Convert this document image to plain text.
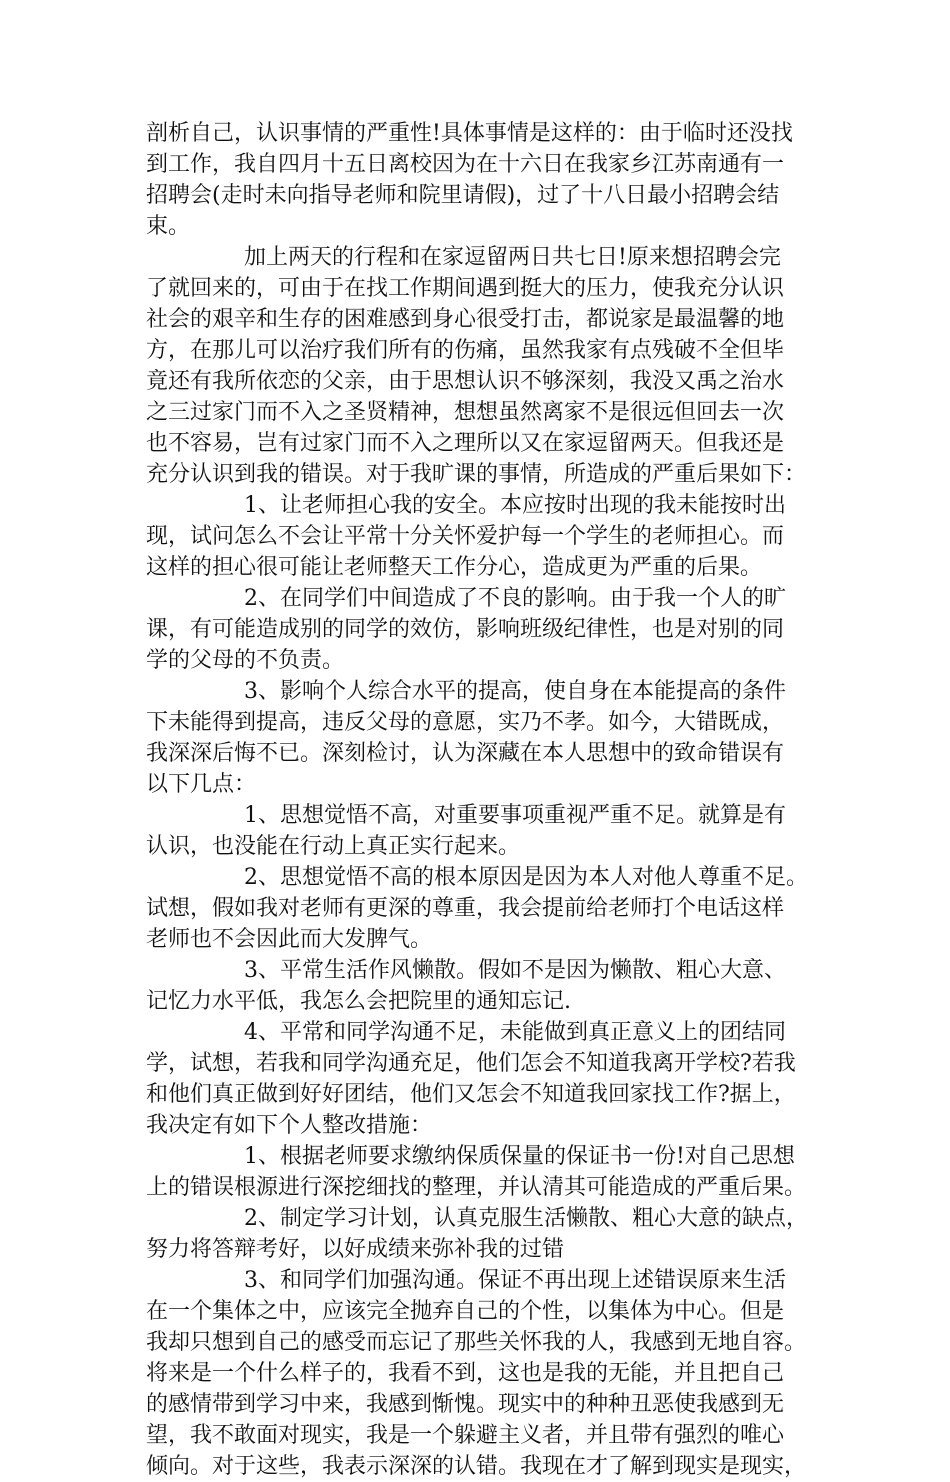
剖析自己，认识事情的严重性!具体事情是这样的：由于临时还没找
到工作，我自四月十五日离校因为在十六日在我家乡江苏南通有一
招聘会(走时未向指导老师和院里请假)，过了十八日最小招聘会结
束。
加上两天的行程和在家逗留两日共七日!原来想招聘会完
了就回来的，可由于在找工作期间遇到挺大的压力，使我充分认识
社会的艰辛和生存的困难感到身心很受打击，都说家是最温馨的地
方，在那儿可以治疗我们所有的伤痛，虽然我家有点残破不全但毕
竟还有我所依恋的父亲，由于思想认识不够深刻，我没又禹之治水
之三过家门而不入之圣贤精神，想想虽然离家不是很远但回去一次
也不容易，岂有过家门而不入之理所以又在家逗留两天。但我还是
充分认识到我的错误。对于我旷课的事情，所造成的严重后果如下：
1、让老师担心我的安全。本应按时出现的我未能按时出
现，试问怎么不会让平常十分关怀爱护每一个学生的老师担心。而
这样的担心很可能让老师整天工作分心，造成更为严重的后果。
2、在同学们中间造成了不良的影响。由于我一个人的旷
课，有可能造成别的同学的效仿，影响班级纪律性，也是对别的同
学的父母的不负责。
3、影响个人综合水平的提高，使自身在本能提高的条件
下未能得到提高，违反父母的意愿，实乃不孝。如今，大错既成，
我深深后悔不已。深刻检讨，认为深藏在本人思想中的致命错误有
以下几点：
1、思想觉悟不高，对重要事项重视严重不足。就算是有
认识，也没能在行动上真正实行起来。
2、思想觉悟不高的根本原因是因为本人对他人尊重不足。
试想，假如我对老师有更深的尊重，我会提前给老师打个电话这样
老师也不会因此而大发脾气。
3、平常生活作风懒散。假如不是因为懒散、粗心大意、
记忆力水平低，我怎么会把院里的通知忘记.
4、平常和同学沟通不足，未能做到真正意义上的团结同
学，试想，若我和同学沟通充足，他们怎会不知道我离开学校?若我
和他们真正做到好好团结，他们又怎会不知道我回家找工作?据上，
我决定有如下个人整改措施：
1、根据老师要求缴纳保质保量的保证书一份!对自己思想
上的错误根源进行深挖细找的整理，并认清其可能造成的严重后果。
2、制定学习计划，认真克服生活懒散、粗心大意的缺点，
努力将答辩考好，以好成绩来弥补我的过错
3、和同学们加强沟通。保证不再出现上述错误原来生活
在一个集体之中，应该完全抛弃自己的个性，以集体为中心。但是
我却只想到自己的感受而忘记了那些关怀我的人，我感到无地自容。
将来是一个什么样子的，我看不到，这也是我的无能，并且把自己
的感情带到学习中来，我感到惭愧。现实中的种种丑恶使我感到无
望，我不敢面对现实，我是一个躲避主义者，并且带有强烈的唯心
倾向。对于这些，我表示深深的认错。我现在才了解到现实是现实，
